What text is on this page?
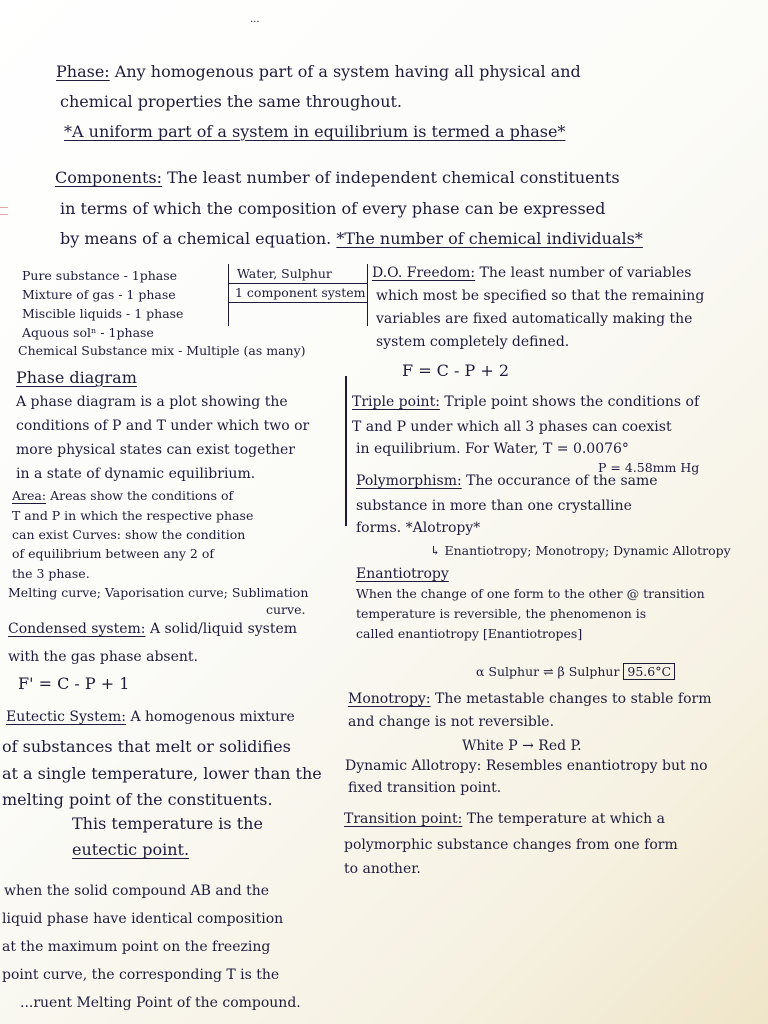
...
Phase: Any homogenous part of a system having all physical and
chemical properties the same throughout.
*A uniform part of a system in equilibrium is termed a phase*
Components: The least number of independent chemical constituents
in terms of which the composition of every phase can be expressed
by means of a chemical equation. *The number of chemical individuals*
Pure substance - 1phase
Mixture of gas - 1 phase
Miscible liquids - 1 phase
Aquous solⁿ - 1phase
Chemical Substance mix - Multiple (as many)
Water, Sulphur
1 component system
D.O. Freedom: The least number of variables
which most be specified so that the remaining
variables are fixed automatically making the
system completely defined.
F = C - P + 2
Phase diagram
A phase diagram is a plot showing the
conditions of P and T under which two or
more physical states can exist together
in a state of dynamic equilibrium.
Area: Areas show the conditions of
T and P in which the respective phase
can exist Curves: show the condition
of equilibrium between any 2 of
the 3 phase.
Melting curve; Vaporisation curve; Sublimation
curve.
Condensed system: A solid/liquid system
with the gas phase absent.
F' = C - P + 1
Eutectic System: A homogenous mixture
of substances that melt or solidifies
at a single temperature, lower than the
melting point of the constituents.
This temperature is the
eutectic point.
when the solid compound AB and the
liquid phase have identical composition
at the maximum point on the freezing
point curve, the corresponding T is the
...ruent Melting Point of the compound.
Triple point: Triple point shows the conditions of
T and P under which all 3 phases can coexist
in equilibrium. For Water, T = 0.0076°
P = 4.58mm Hg
Polymorphism: The occurance of the same
substance in more than one crystalline
forms. *Alotropy*
↳ Enantiotropy; Monotropy; Dynamic Allotropy
Enantiotropy
When the change of one form to the other @ transition
temperature is reversible, the phenomenon is
called enantiotropy [Enantiotropes]
α Sulphur ⇌ β Sulphur 95.6°C
Monotropy: The metastable changes to stable form
and change is not reversible.
White P → Red P.
Dynamic Allotropy: Resembles enantiotropy but no
fixed transition point.
Transition point: The temperature at which a
polymorphic substance changes from one form
to another.
